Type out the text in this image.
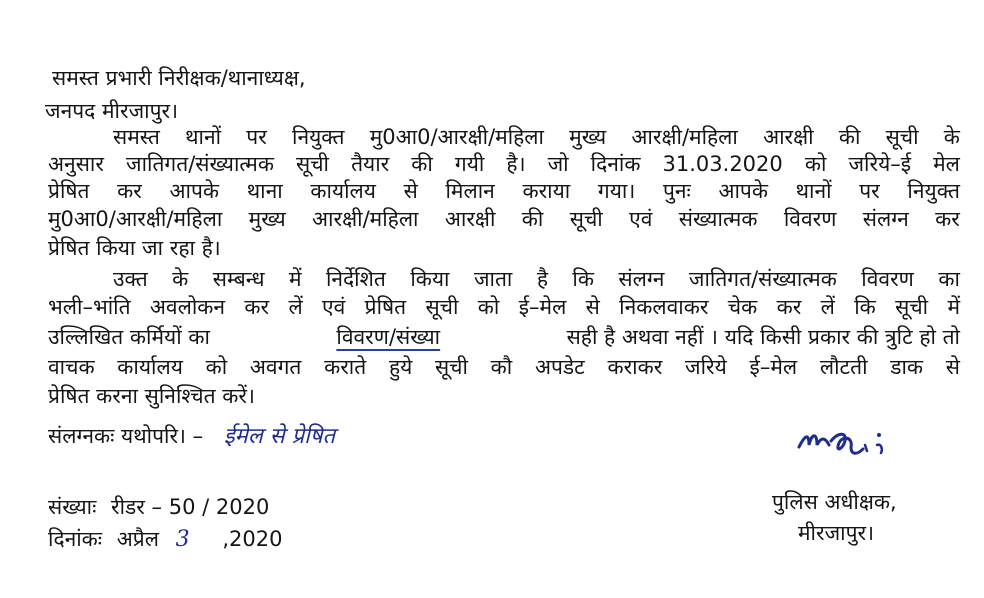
समस्त प्रभारी निरीक्षक/थानाध्यक्ष,
जनपद मीरजापुर।
समस्त थानों पर नियुक्त मु0आ0/आरक्षी/महिला मुख्य आरक्षी/महिला आरक्षी की सूची के
अनुसार जातिगत/संख्यात्मक सूची तैयार की गयी है। जो दिनांक 31.03.2020 को जरिये–ई मेल
प्रेषित कर आपके थाना कार्यालय से मिलान कराया गया। पुनः आपके थानों पर नियुक्त
मु0आ0/आरक्षी/महिला मुख्य आरक्षी/महिला आरक्षी की सूची एवं संख्यात्मक विवरण संलग्न कर
प्रेषित किया जा रहा है।
उक्त के सम्बन्ध में निर्देशित किया जाता है कि संलग्न जातिगत/संख्यात्मक विवरण का
भली–भांति अवलोकन कर लें एवं प्रेषित सूची को ई–मेल से निकलवाकर चेक कर लें कि सूची में
उल्लिखित कर्मियों का	विवरण/संख्या	सही है अथवा नहीं । यदि किसी प्रकार की त्रुटि हो तो
वाचक कार्यालय को अवगत कराते हुये सूची कौ अपडेट कराकर जरिये ई–मेल लौटती डाक से
प्रेषित करना सुनिश्चित करें।
संलग्नकः यथोपरि। – ईमेल से प्रेषित
संख्याः रीडर – 50 / 2020
दिनांकः अप्रैल 3 ,2020
पुलिस अधीक्षक,
मीरजापुर।
